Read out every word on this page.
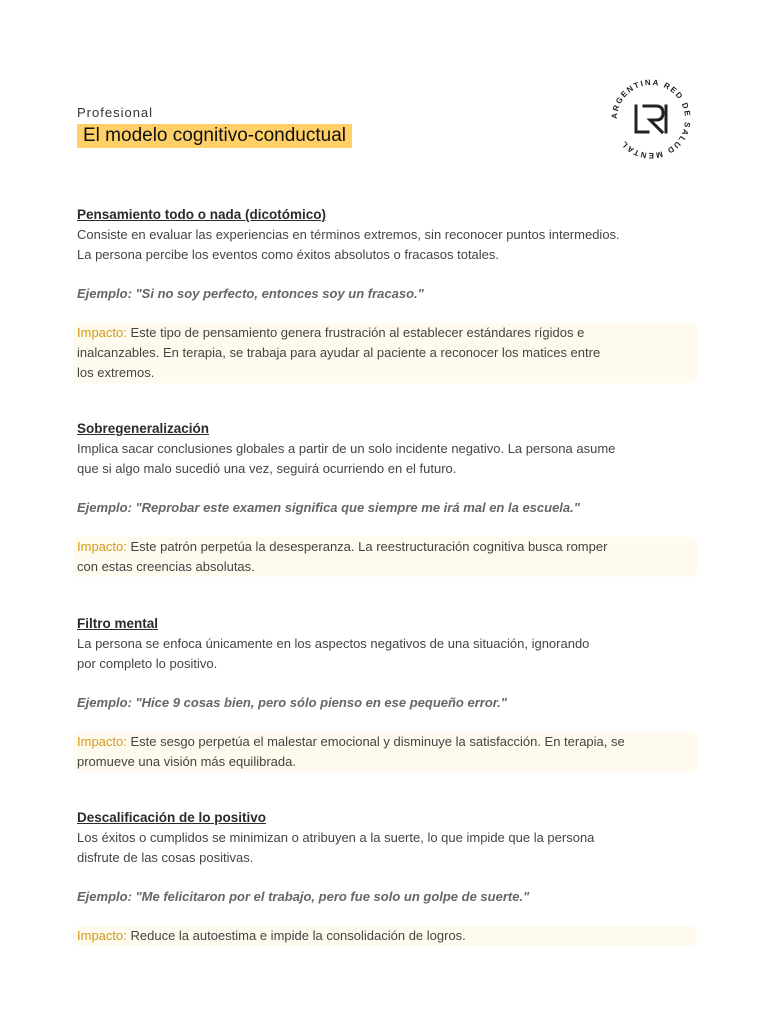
Profesional
El modelo cognitivo-conductual
ARGENTINA RED DE SALUD MENTAL
Pensamiento todo o nada (dicotómico)
Consiste en evaluar las experiencias en términos extremos, sin reconocer puntos intermedios.
La persona percibe los eventos como éxitos absolutos o fracasos totales.
Ejemplo: "Si no soy perfecto, entonces soy un fracaso."
Impacto: Este tipo de pensamiento genera frustración al establecer estándares rígidos e
inalcanzables. En terapia, se trabaja para ayudar al paciente a reconocer los matices entre
los extremos.
Sobregeneralización
Implica sacar conclusiones globales a partir de un solo incidente negativo. La persona asume
que si algo malo sucedió una vez, seguirá ocurriendo en el futuro.
Ejemplo: "Reprobar este examen significa que siempre me irá mal en la escuela."
Impacto: Este patrón perpetúa la desesperanza. La reestructuración cognitiva busca romper
con estas creencias absolutas.
Filtro mental
La persona se enfoca únicamente en los aspectos negativos de una situación, ignorando
por completo lo positivo.
Ejemplo: "Hice 9 cosas bien, pero sólo pienso en ese pequeño error."
Impacto: Este sesgo perpetúa el malestar emocional y disminuye la satisfacción. En terapia, se
promueve una visión más equilibrada.
Descalificación de lo positivo
Los éxitos o cumplidos se minimizan o atribuyen a la suerte, lo que impide que la persona
disfrute de las cosas positivas.
Ejemplo: "Me felicitaron por el trabajo, pero fue solo un golpe de suerte."
Impacto: Reduce la autoestima e impide la consolidación de logros.
